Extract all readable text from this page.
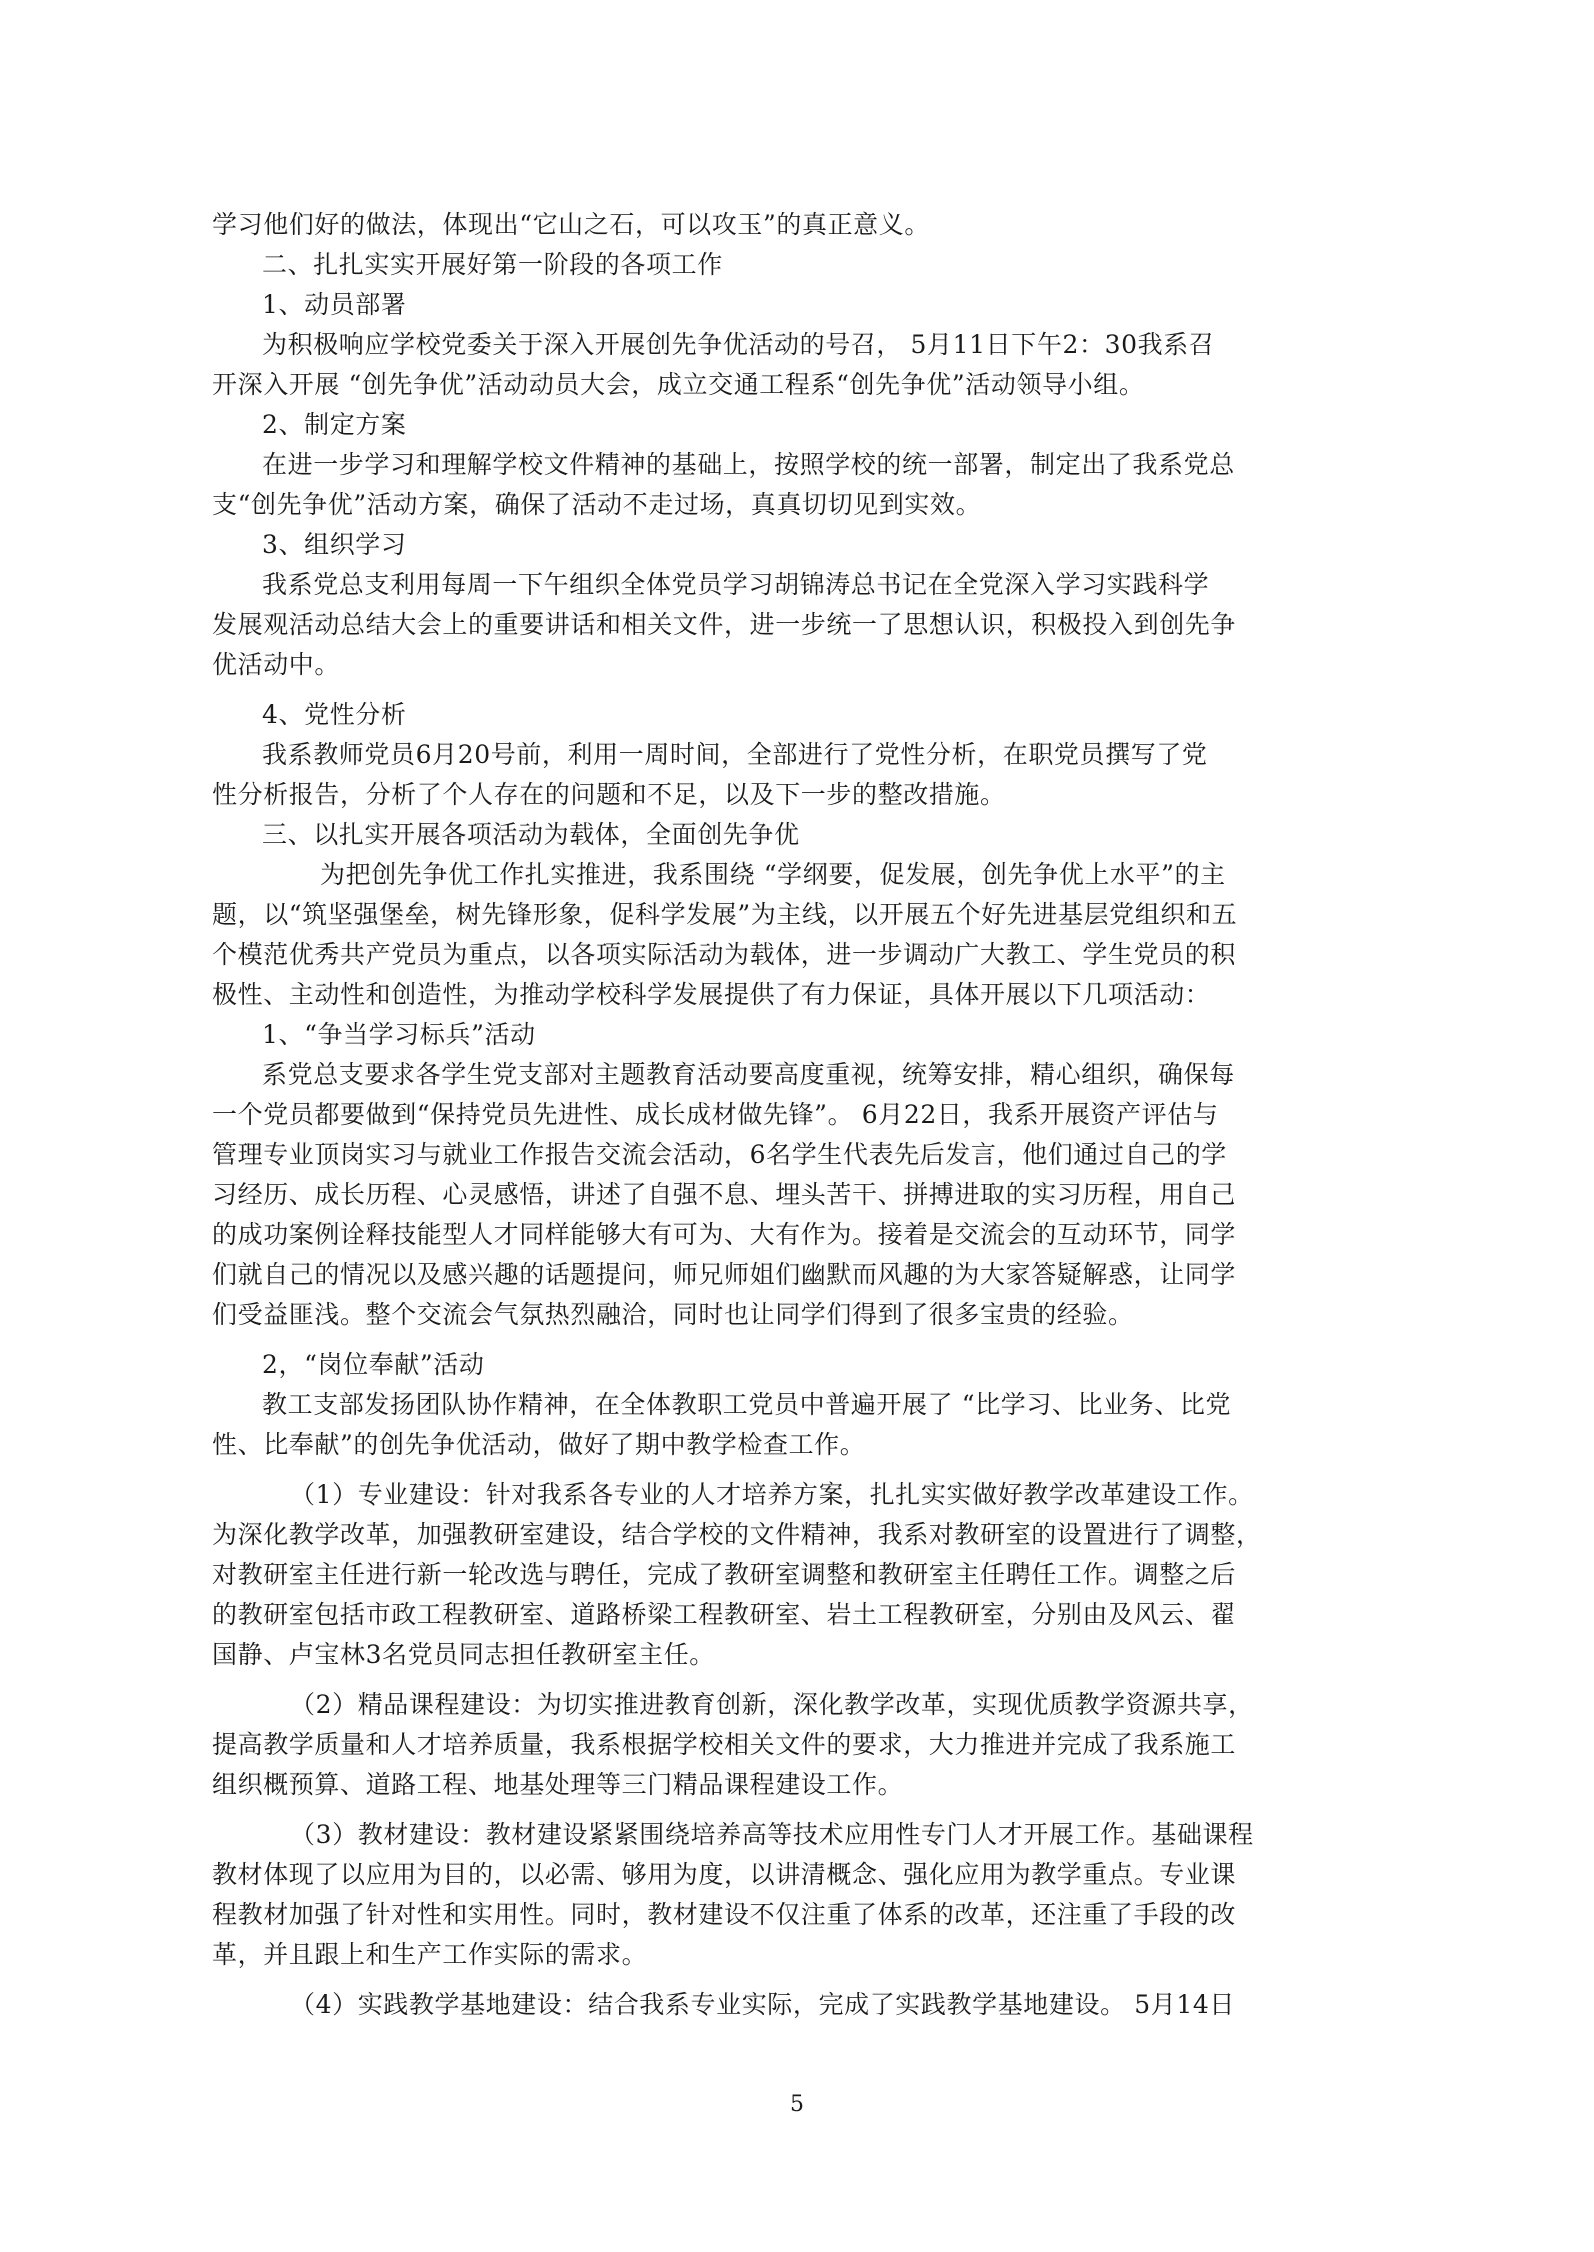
学习他们好的做法，体现出“它山之石，可以攻玉”的真正意义。
二、扎扎实实开展好第一阶段的各项工作
1、动员部署
为积极响应学校党委关于深入开展创先争优活动的号召， 5月11日下午2：30我系召
开深入开展 “创先争优”活动动员大会，成立交通工程系“创先争优”活动领导小组。
2、制定方案
在进一步学习和理解学校文件精神的基础上，按照学校的统一部署，制定出了我系党总
支“创先争优”活动方案，确保了活动不走过场，真真切切见到实效。
3、组织学习
我系党总支利用每周一下午组织全体党员学习胡锦涛总书记在全党深入学习实践科学
发展观活动总结大会上的重要讲话和相关文件，进一步统一了思想认识，积极投入到创先争
优活动中。
4、党性分析
我系教师党员6月20号前，利用一周时间，全部进行了党性分析，在职党员撰写了党
性分析报告，分析了个人存在的问题和不足，以及下一步的整改措施。
三、以扎实开展各项活动为载体，全面创先争优
为把创先争优工作扎实推进，我系围绕 “学纲要，促发展，创先争优上水平”的主
题，以“筑坚强堡垒，树先锋形象，促科学发展”为主线，以开展五个好先进基层党组织和五
个模范优秀共产党员为重点，以各项实际活动为载体，进一步调动广大教工、学生党员的积
极性、主动性和创造性，为推动学校科学发展提供了有力保证，具体开展以下几项活动：
1、“争当学习标兵”活动
系党总支要求各学生党支部对主题教育活动要高度重视，统筹安排，精心组织，确保每
一个党员都要做到“保持党员先进性、成长成材做先锋”。 6月22日，我系开展资产评估与
管理专业顶岗实习与就业工作报告交流会活动，6名学生代表先后发言，他们通过自己的学
习经历、成长历程、心灵感悟，讲述了自强不息、埋头苦干、拼搏进取的实习历程，用自己
的成功案例诠释技能型人才同样能够大有可为、大有作为。接着是交流会的互动环节，同学
们就自己的情况以及感兴趣的话题提问，师兄师姐们幽默而风趣的为大家答疑解惑，让同学
们受益匪浅。整个交流会气氛热烈融洽，同时也让同学们得到了很多宝贵的经验。
2，“岗位奉献”活动
教工支部发扬团队协作精神，在全体教职工党员中普遍开展了 “比学习、比业务、比党
性、比奉献”的创先争优活动，做好了期中教学检查工作。
（1）专业建设：针对我系各专业的人才培养方案，扎扎实实做好教学改革建设工作。
为深化教学改革，加强教研室建设，结合学校的文件精神，我系对教研室的设置进行了调整，
对教研室主任进行新一轮改选与聘任，完成了教研室调整和教研室主任聘任工作。调整之后
的教研室包括市政工程教研室、道路桥梁工程教研室、岩土工程教研室，分别由及风云、翟
国静、卢宝林3名党员同志担任教研室主任。
（2）精品课程建设：为切实推进教育创新，深化教学改革，实现优质教学资源共享，
提高教学质量和人才培养质量，我系根据学校相关文件的要求，大力推进并完成了我系施工
组织概预算、道路工程、地基处理等三门精品课程建设工作。
（3）教材建设：教材建设紧紧围绕培养高等技术应用性专门人才开展工作。基础课程
教材体现了以应用为目的，以必需、够用为度，以讲清概念、强化应用为教学重点。专业课
程教材加强了针对性和实用性。同时，教材建设不仅注重了体系的改革，还注重了手段的改
革，并且跟上和生产工作实际的需求。
（4）实践教学基地建设：结合我系专业实际，完成了实践教学基地建设。 5月14日
5
